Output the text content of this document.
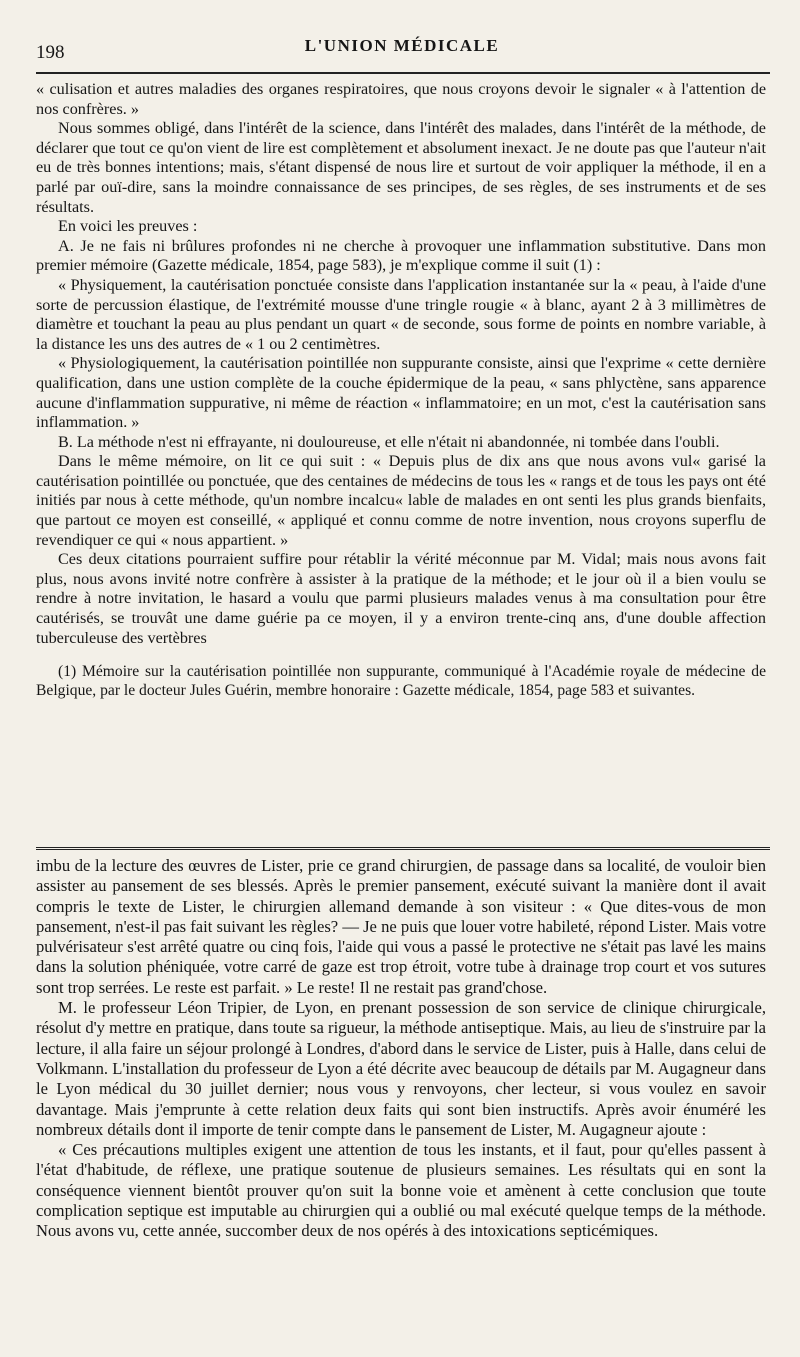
198	L'UNION MÉDICALE

« culisation et autres maladies des organes respiratoires, que nous croyons devoir le signaler « à l'attention de nos confrères. »

Nous sommes obligé, dans l'intérêt de la science, dans l'intérêt des malades, dans l'intérêt de la méthode, de déclarer que tout ce qu'on vient de lire est complètement et absolument inexact. Je ne doute pas que l'auteur n'ait eu de très bonnes intentions; mais, s'étant dispensé de nous lire et surtout de voir appliquer la méthode, il en a parlé par ouï-dire, sans la moindre connaissance de ses principes, de ses règles, de ses instruments et de ses résultats.

En voici les preuves :

A. Je ne fais ni brûlures profondes ni ne cherche à provoquer une inflammation substitutive. Dans mon premier mémoire (Gazette médicale, 1854, page 583), je m'explique comme il suit (1) :

« Physiquement, la cautérisation ponctuée consiste dans l'application instantanée sur la « peau, à l'aide d'une sorte de percussion élastique, de l'extrémité mousse d'une tringle rougie « à blanc, ayant 2 à 3 millimètres de diamètre et touchant la peau au plus pendant un quart « de seconde, sous forme de points en nombre variable, à la distance les uns des autres de « 1 ou 2 centimètres.

« Physiologiquement, la cautérisation pointillée non suppurante consiste, ainsi que l'exprime « cette dernière qualification, dans une ustion complète de la couche épidermique de la peau, « sans phlyctène, sans apparence aucune d'inflammation suppurative, ni même de réaction « inflammatoire; en un mot, c'est la cautérisation sans inflammation. »

B. La méthode n'est ni effrayante, ni douloureuse, et elle n'était ni abandonnée, ni tombée dans l'oubli.

Dans le même mémoire, on lit ce qui suit : « Depuis plus de dix ans que nous avons vul« garisé la cautérisation pointillée ou ponctuée, que des centaines de médecins de tous les « rangs et de tous les pays ont été initiés par nous à cette méthode, qu'un nombre incalcu« lable de malades en ont senti les plus grands bienfaits, que partout ce moyen est conseillé, « appliqué et connu comme de notre invention, nous croyons superflu de revendiquer ce qui « nous appartient. »

Ces deux citations pourraient suffire pour rétablir la vérité méconnue par M. Vidal; mais nous avons fait plus, nous avons invité notre confrère à assister à la pratique de la méthode; et le jour où il a bien voulu se rendre à notre invitation, le hasard a voulu que parmi plusieurs malades venus à ma consultation pour être cautérisés, se trouvât une dame guérie pa ce moyen, il y a environ trente-cinq ans, d'une double affection tuberculeuse des vertèbres

(1) Mémoire sur la cautérisation pointillée non suppurante, communiqué à l'Académie royale de médecine de Belgique, par le docteur Jules Guérin, membre honoraire : Gazette médicale, 1854, page 583 et suivantes.

imbu de la lecture des œuvres de Lister, prie ce grand chirurgien, de passage dans sa localité, de vouloir bien assister au pansement de ses blessés. Après le premier pansement, exécuté suivant la manière dont il avait compris le texte de Lister, le chirurgien allemand demande à son visiteur : « Que dites-vous de mon pansement, n'est-il pas fait suivant les règles? — Je ne puis que louer votre habileté, répond Lister. Mais votre pulvérisateur s'est arrêté quatre ou cinq fois, l'aide qui vous a passé le protective ne s'était pas lavé les mains dans la solution phéniquée, votre carré de gaze est trop étroit, votre tube à drainage trop court et vos sutures sont trop serrées. Le reste est parfait. » Le reste! Il ne restait pas grand'chose.

M. le professeur Léon Tripier, de Lyon, en prenant possession de son service de clinique chirurgicale, résolut d'y mettre en pratique, dans toute sa rigueur, la méthode antiseptique. Mais, au lieu de s'instruire par la lecture, il alla faire un séjour prolongé à Londres, d'abord dans le service de Lister, puis à Halle, dans celui de Volkmann. L'installation du professeur de Lyon a été décrite avec beaucoup de détails par M. Augagneur dans le Lyon médical du 30 juillet dernier; nous vous y renvoyons, cher lecteur, si vous voulez en savoir davantage. Mais j'emprunte à cette relation deux faits qui sont bien instructifs. Après avoir énuméré les nombreux détails dont il importe de tenir compte dans le pansement de Lister, M. Augagneur ajoute :

« Ces précautions multiples exigent une attention de tous les instants, et il faut, pour qu'elles passent à l'état d'habitude, de réflexe, une pratique soutenue de plusieurs semaines. Les résultats qui en sont la conséquence viennent bientôt prouver qu'on suit la bonne voie et amènent à cette conclusion que toute complication septique est imputable au chirurgien qui a oublié ou mal exécuté quelque temps de la méthode. Nous avons vu, cette année, succomber deux de nos opérés à des intoxications septicémiques.
